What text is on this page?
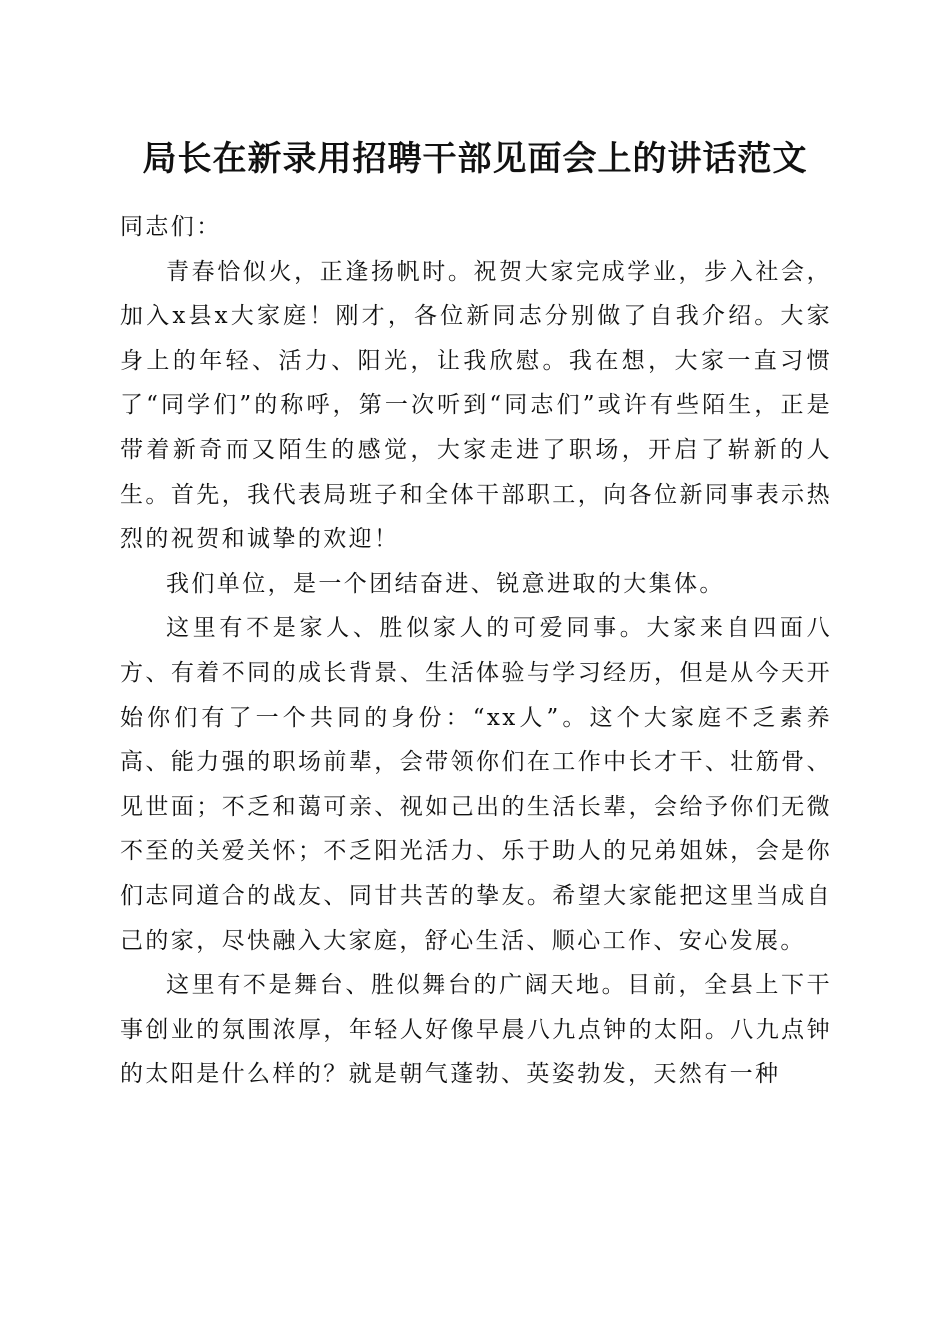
局长在新录用招聘干部见面会上的讲话范文

同志们：

青春恰似火，正逢扬帆时。祝贺大家完成学业，步入社会，加入x县x大家庭！刚才，各位新同志分别做了自我介绍。大家身上的年轻、活力、阳光，让我欣慰。我在想，大家一直习惯了“同学们”的称呼，第一次听到“同志们”或许有些陌生，正是带着新奇而又陌生的感觉，大家走进了职场，开启了崭新的人生。首先，我代表局班子和全体干部职工，向各位新同事表示热烈的祝贺和诚挚的欢迎！

我们单位，是一个团结奋进、锐意进取的大集体。

这里有不是家人、胜似家人的可爱同事。大家来自四面八方、有着不同的成长背景、生活体验与学习经历，但是从今天开始你们有了一个共同的身份：“xx人”。这个大家庭不乏素养高、能力强的职场前辈，会带领你们在工作中长才干、壮筋骨、见世面；不乏和蔼可亲、视如己出的生活长辈，会给予你们无微不至的关爱关怀；不乏阳光活力、乐于助人的兄弟姐妹，会是你们志同道合的战友、同甘共苦的挚友。希望大家能把这里当成自己的家，尽快融入大家庭，舒心生活、顺心工作、安心发展。

这里有不是舞台、胜似舞台的广阔天地。目前，全县上下干事创业的氛围浓厚，年轻人好像早晨八九点钟的太阳。八九点钟的太阳是什么样的？就是朝气蓬勃、英姿勃发，天然有一种
